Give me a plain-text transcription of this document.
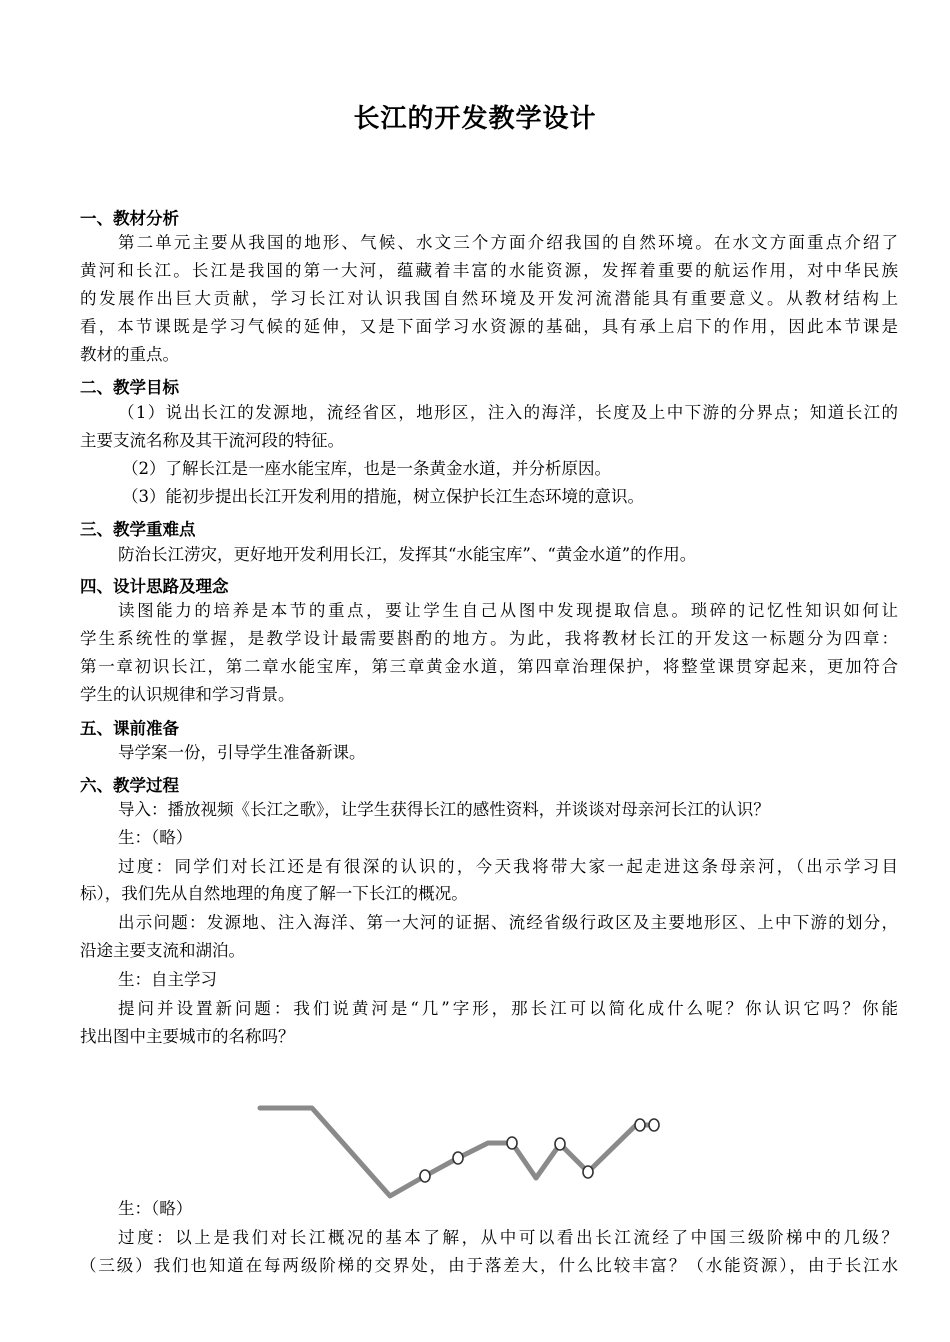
长江的开发教学设计
一、教材分析
第二单元主要从我国的地形、气候、水文三个方面介绍我国的自然环境。在水文方面重点介绍了
黄河和长江。长江是我国的第一大河，蕴藏着丰富的水能资源，发挥着重要的航运作用，对中华民族
的发展作出巨大贡献，学习长江对认识我国自然环境及开发河流潜能具有重要意义。从教材结构上
看，本节课既是学习气候的延伸，又是下面学习水资源的基础，具有承上启下的作用，因此本节课是
教材的重点。
二、教学目标
（1）说出长江的发源地，流经省区，地形区，注入的海洋，长度及上中下游的分界点；知道长江的
主要支流名称及其干流河段的特征。
（2）了解长江是一座水能宝库，也是一条黄金水道，并分析原因。
（3）能初步提出长江开发利用的措施，树立保护长江生态环境的意识。
三、教学重难点
防治长江涝灾，更好地开发利用长江，发挥其“水能宝库”、“黄金水道”的作用。
四、设计思路及理念
读图能力的培养是本节的重点，要让学生自己从图中发现提取信息。琐碎的记忆性知识如何让
学生系统性的掌握，是教学设计最需要斟酌的地方。为此，我将教材长江的开发这一标题分为四章：
第一章初识长江，第二章水能宝库，第三章黄金水道，第四章治理保护，将整堂课贯穿起来，更加符合
学生的认识规律和学习背景。
五、课前准备
导学案一份，引导学生准备新课。
六、教学过程
导入：播放视频《长江之歌》，让学生获得长江的感性资料，并谈谈对母亲河长江的认识？
生：（略）
过度：同学们对长江还是有很深的认识的，今天我将带大家一起走进这条母亲河，（出示学习目
标），我们先从自然地理的角度了解一下长江的概况。
出示问题：发源地、注入海洋、第一大河的证据、流经省级行政区及主要地形区、上中下游的划分，
沿途主要支流和湖泊。
生：自主学习
提问并设置新问题：我们说黄河是“几”字形，那长江可以简化成什么呢？你认识它吗？你能
找出图中主要城市的名称吗？
生：（略）
过度：以上是我们对长江概况的基本了解，从中可以看出长江流经了中国三级阶梯中的几级？
（三级）我们也知道在每两级阶梯的交界处，由于落差大，什么比较丰富？（水能资源），由于长江水
